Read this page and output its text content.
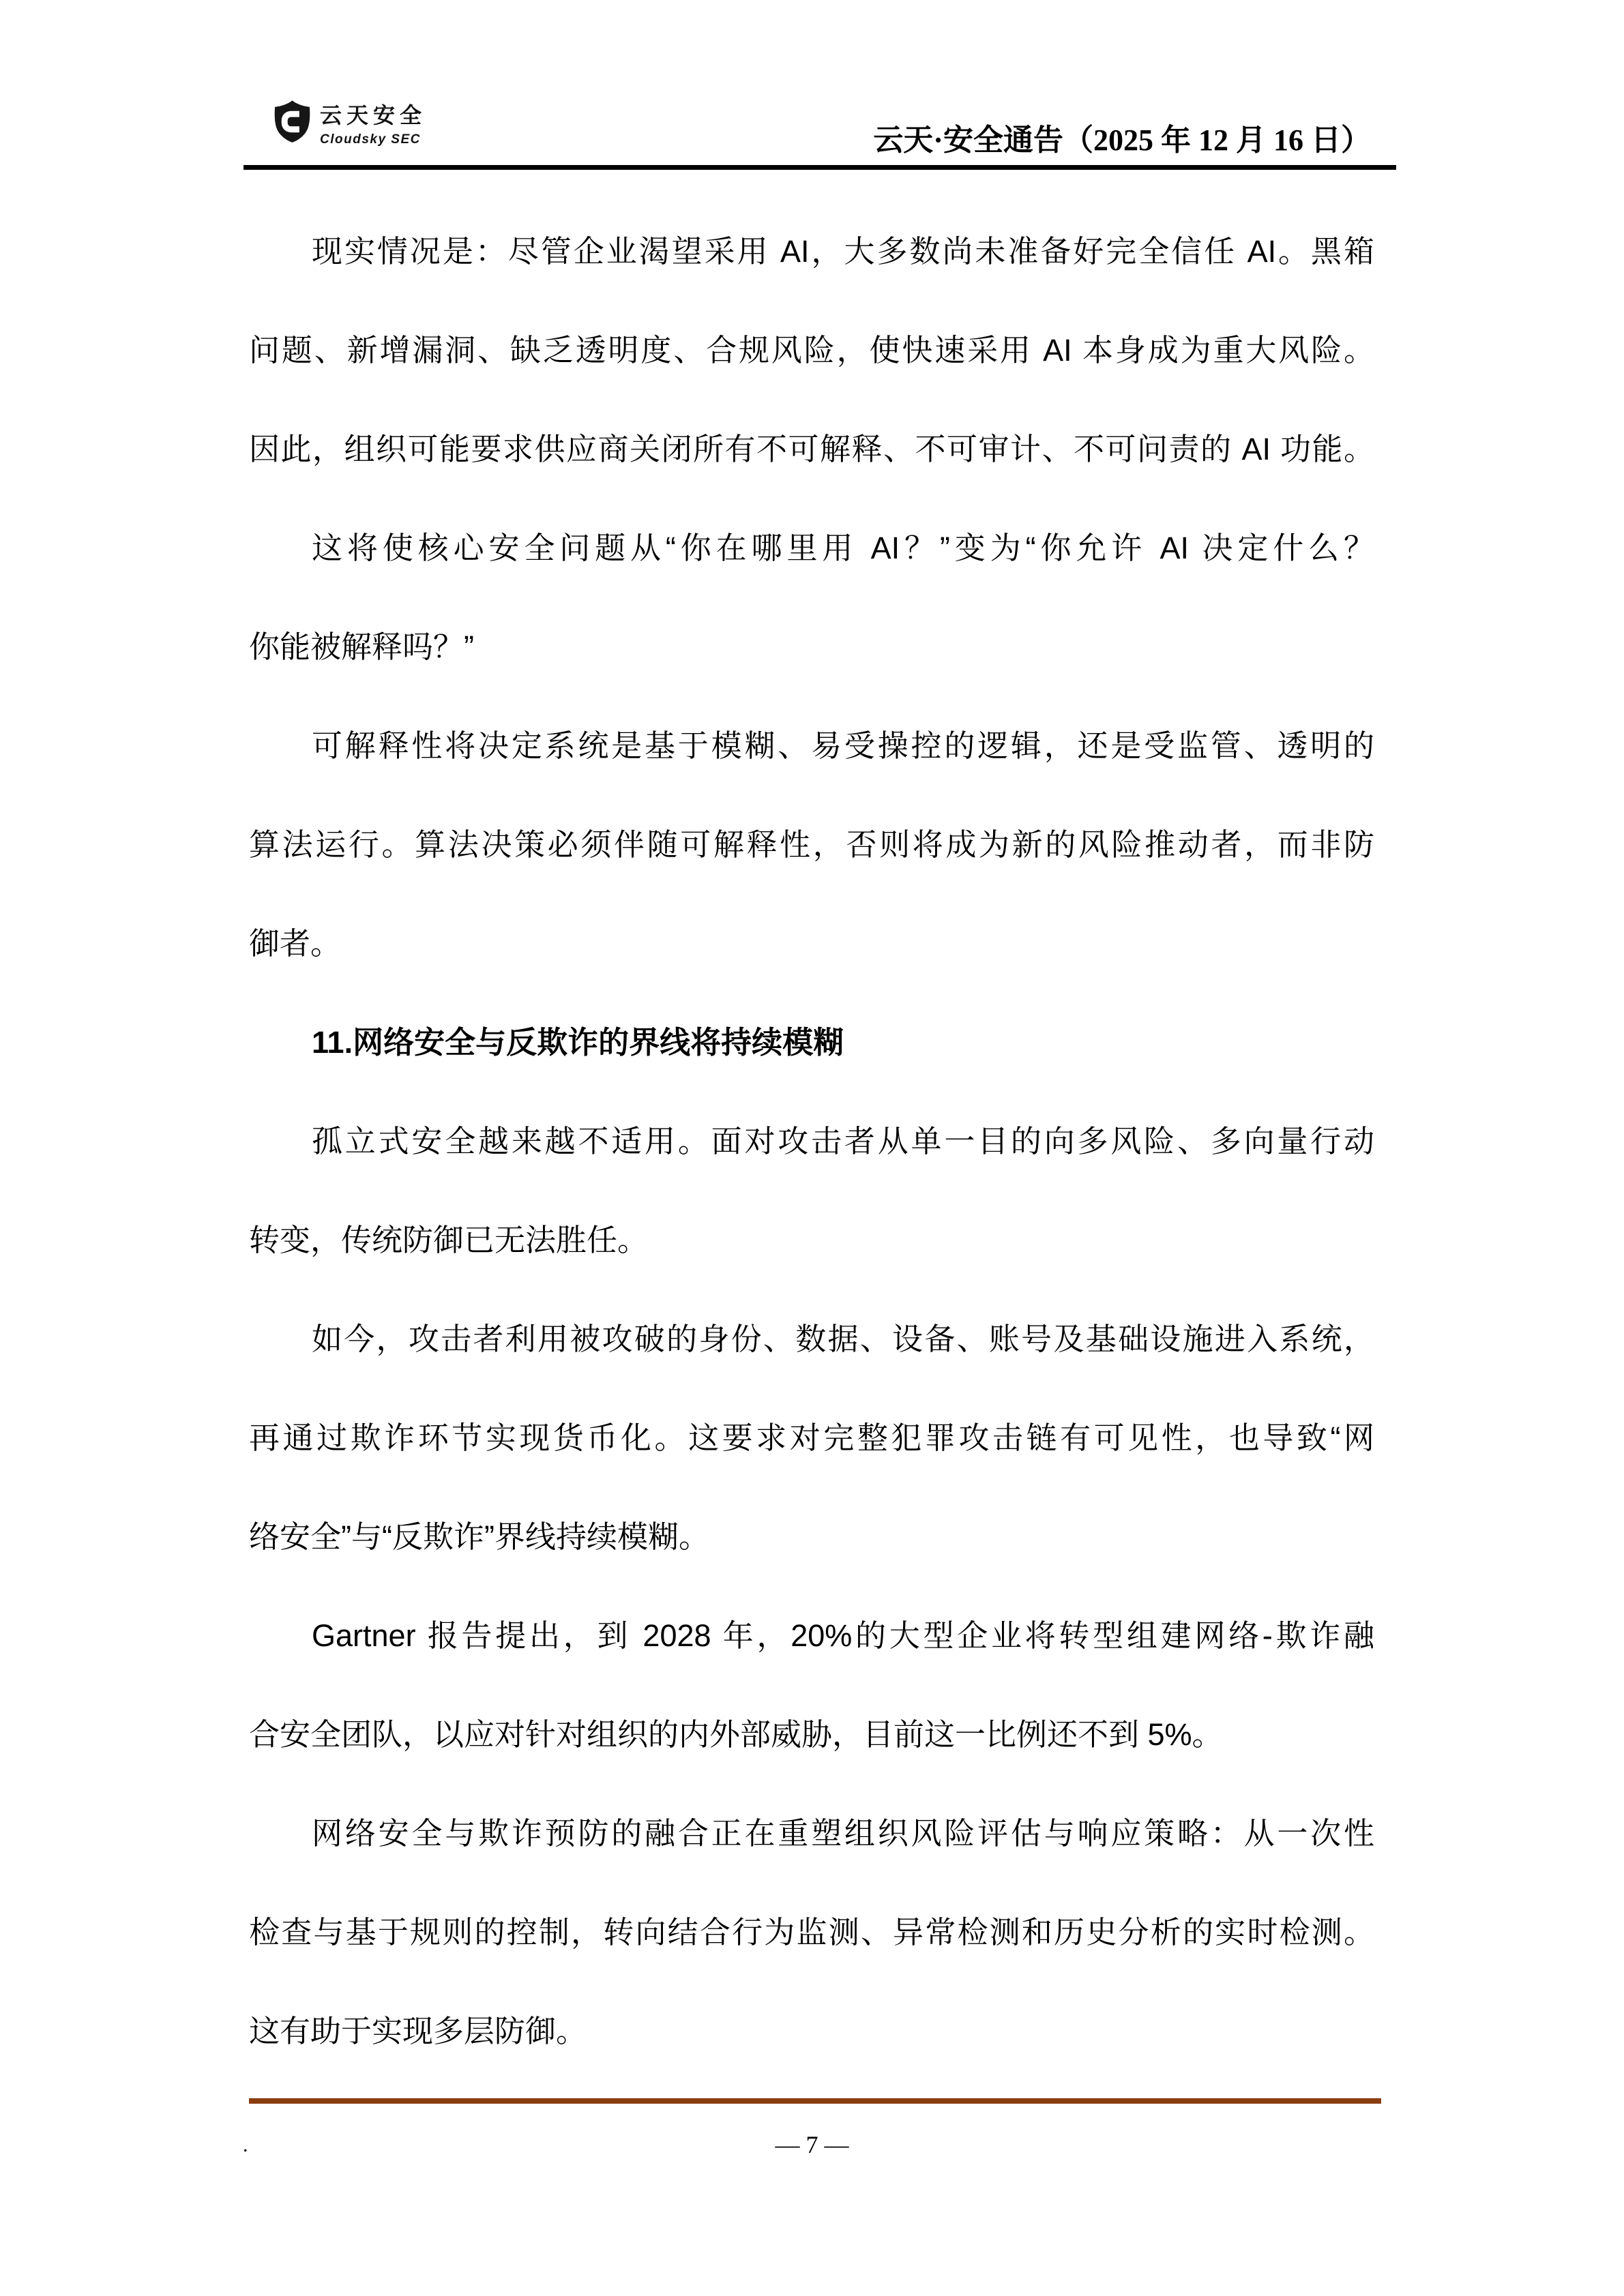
云天安全
Cloudsky SEC	云天·安全通告（2025 年 12 月 16 日）

现实情况是：尽管企业渴望采用 AI，大多数尚未准备好完全信任 AI。黑箱

问题、新增漏洞、缺乏透明度、合规风险，使快速采用 AI 本身成为重大风险。

因此，组织可能要求供应商关闭所有不可解释、不可审计、不可问责的 AI 功能。

这将使核心安全问题从“你在哪里用 AI？”变为“你允许 AI 决定什么？

你能被解释吗？”

可解释性将决定系统是基于模糊、易受操控的逻辑，还是受监管、透明的

算法运行。算法决策必须伴随可解释性，否则将成为新的风险推动者，而非防

御者。

11.网络安全与反欺诈的界线将持续模糊

孤立式安全越来越不适用。面对攻击者从单一目的向多风险、多向量行动

转变，传统防御已无法胜任。

如今，攻击者利用被攻破的身份、数据、设备、账号及基础设施进入系统，

再通过欺诈环节实现货币化。这要求对完整犯罪攻击链有可见性，也导致“网

络安全”与“反欺诈”界线持续模糊。

Gartner 报告提出，到 2028 年，20%的大型企业将转型组建网络-欺诈融

合安全团队，以应对针对组织的内外部威胁，目前这一比例还不到 5%。

网络安全与欺诈预防的融合正在重塑组织风险评估与响应策略：从一次性

检查与基于规则的控制，转向结合行为监测、异常检测和历史分析的实时检测。

这有助于实现多层防御。

.	— 7 —
